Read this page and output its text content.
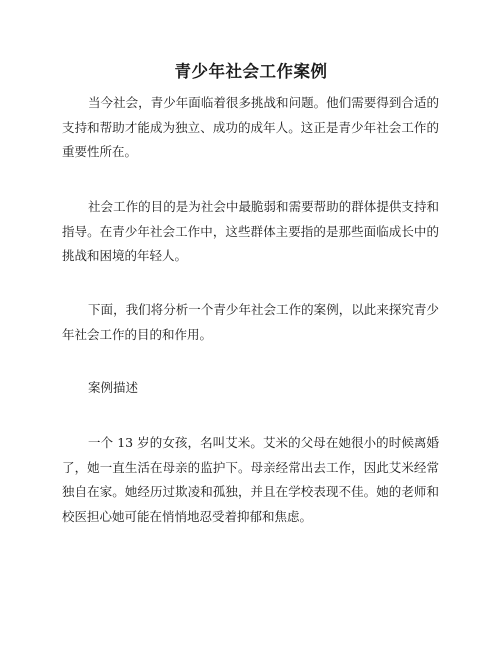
青少年社会工作案例

当今社会，青少年面临着很多挑战和问题。他们需要得到合适的支持和帮助才能成为独立、成功的成年人。这正是青少年社会工作的重要性所在。

社会工作的目的是为社会中最脆弱和需要帮助的群体提供支持和指导。在青少年社会工作中，这些群体主要指的是那些面临成长中的挑战和困境的年轻人。

下面，我们将分析一个青少年社会工作的案例，以此来探究青少年社会工作的目的和作用。

案例描述

一个 13 岁的女孩，名叫艾米。艾米的父母在她很小的时候离婚了，她一直生活在母亲的监护下。母亲经常出去工作，因此艾米经常独自在家。她经历过欺凌和孤独，并且在学校表现不佳。她的老师和校医担心她可能在悄悄地忍受着抑郁和焦虑。
